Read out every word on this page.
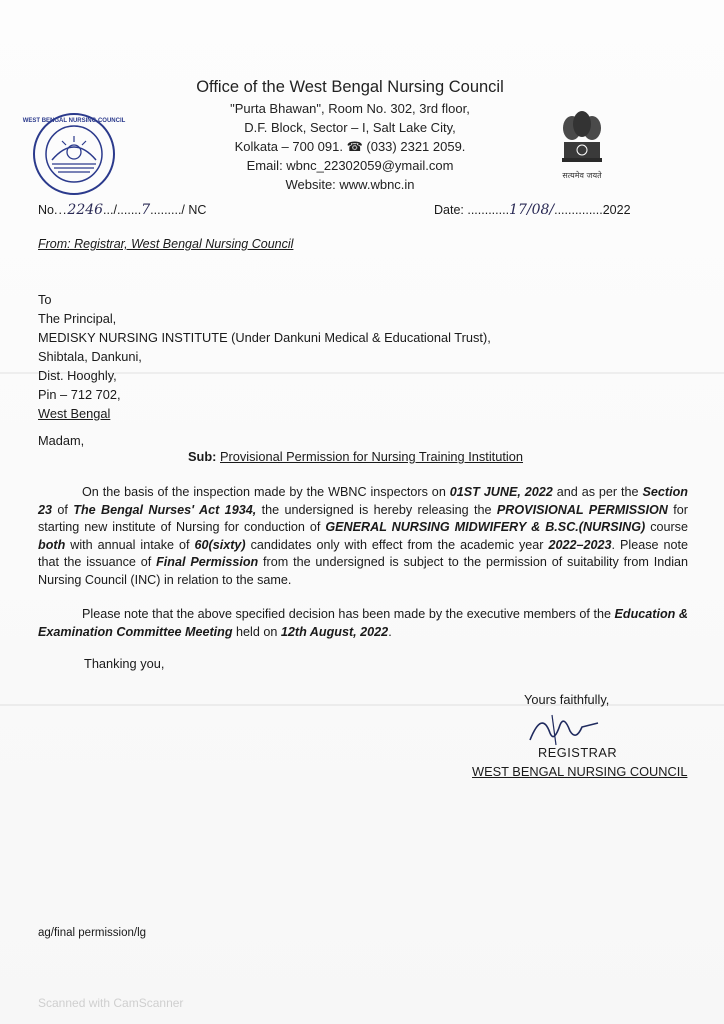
WEST BENGAL NURSING COUNCIL
सत्यमेव जयते
Office of the West Bengal Nursing Council
"Purta Bhawan", Room No. 302, 3rd floor,
D.F. Block, Sector – I, Salt Lake City,
Kolkata – 700 091. ☎ (033) 2321 2059.
Email: wbnc_22302059@ymail.com
Website: www.wbnc.in
No...2246.../.......7........./ NC	Date: ............17/08/..............2022
From: Registrar, West Bengal Nursing Council
To
The Principal,
MEDISKY NURSING INSTITUTE (Under Dankuni Medical & Educational Trust),
Shibtala, Dankuni,
Dist. Hooghly,
Pin – 712 702,
West Bengal
Madam,
Sub: Provisional Permission for Nursing Training Institution
On the basis of the inspection made by the WBNC inspectors on 01ST JUNE, 2022 and as per the Section 23 of The Bengal Nurses' Act 1934, the undersigned is hereby releasing the PROVISIONAL PERMISSION for starting new institute of Nursing for conduction of GENERAL NURSING MIDWIFERY & B.SC.(NURSING) course both with annual intake of 60(sixty) candidates only with effect from the academic year 2022–2023. Please note that the issuance of Final Permission from the undersigned is subject to the permission of suitability from Indian Nursing Council (INC) in relation to the same.
Please note that the above specified decision has been made by the executive members of the Education & Examination Committee Meeting held on 12th August, 2022.
Thanking you,
Yours faithfully,
REGISTRAR
WEST BENGAL NURSING COUNCIL
ag/final permission/lg
Scanned with CamScanner
